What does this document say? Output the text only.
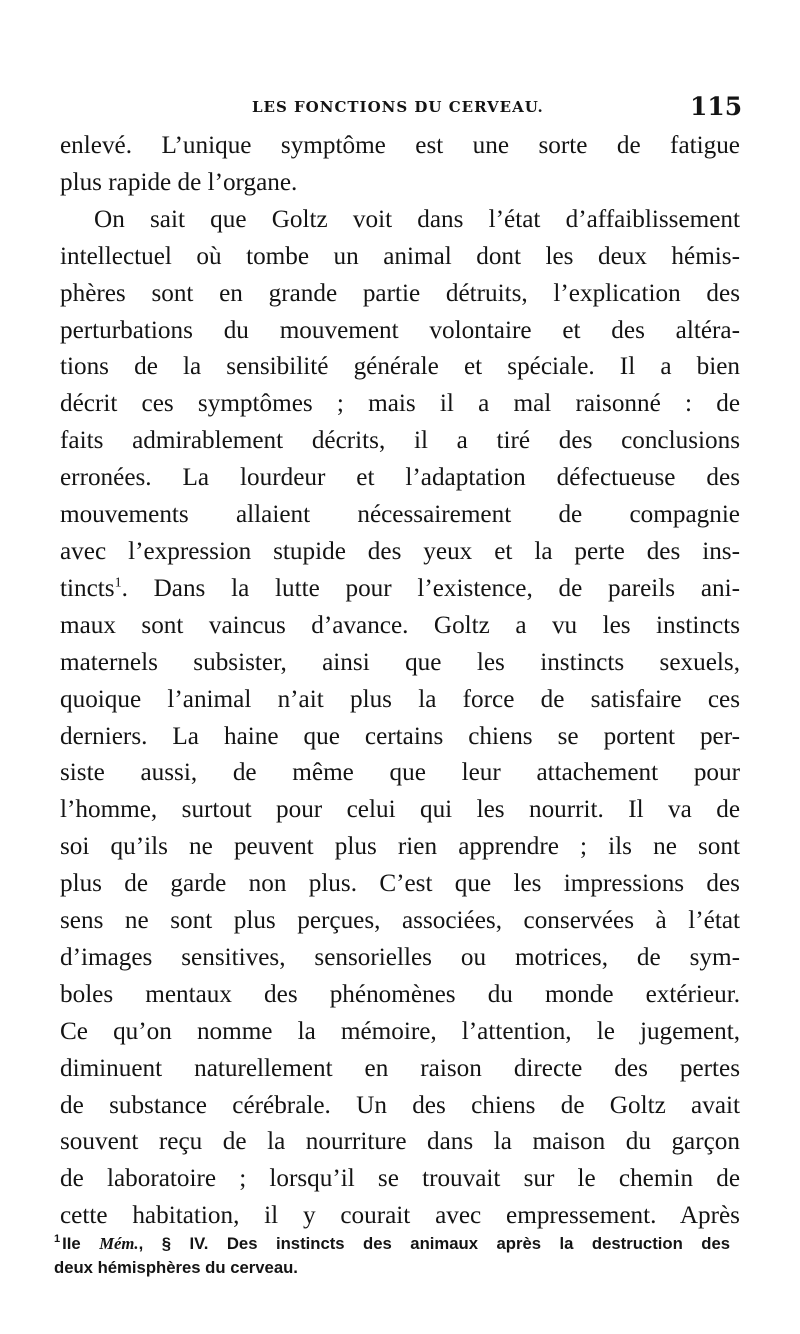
LES FONCTIONS DU CERVEAU.	115
enlevé. L’unique symptôme est une sorte de fatigue
plus rapide de l’organe.
On sait que Goltz voit dans l’état d’affaiblissement
intellectuel où tombe un animal dont les deux hémis-
phères sont en grande partie détruits, l’explication des
perturbations du mouvement volontaire et des altéra-
tions de la sensibilité générale et spéciale. Il a bien
décrit ces symptômes ; mais il a mal raisonné : de
faits admirablement décrits, il a tiré des conclusions
erronées. La lourdeur et l’adaptation défectueuse des
mouvements allaient nécessairement de compagnie
avec l’expression stupide des yeux et la perte des ins-
tincts$^1$. Dans la lutte pour l’existence, de pareils ani-
maux sont vaincus d’avance. Goltz a vu les instincts
maternels subsister, ainsi que les instincts sexuels,
quoique l’animal n’ait plus la force de satisfaire ces
derniers. La haine que certains chiens se portent per-
siste aussi, de même que leur attachement pour
l’homme, surtout pour celui qui les nourrit. Il va de
soi qu’ils ne peuvent plus rien apprendre ; ils ne sont
plus de garde non plus. C’est que les impressions des
sens ne sont plus perçues, associées, conservées à l’état
d’images sensitives, sensorielles ou motrices, de sym-
boles mentaux des phénomènes du monde extérieur.
Ce qu’on nomme la mémoire, l’attention, le jugement,
diminuent naturellement en raison directe des pertes
de substance cérébrale. Un des chiens de Goltz avait
souvent reçu de la nourriture dans la maison du garçon
de laboratoire ; lorsqu’il se trouvait sur le chemin de
cette habitation, il y courait avec empressement. Après
$^1$ IIe Mém., § IV. Des instincts des animaux après la destruction des
deux hémisphères du cerveau.
